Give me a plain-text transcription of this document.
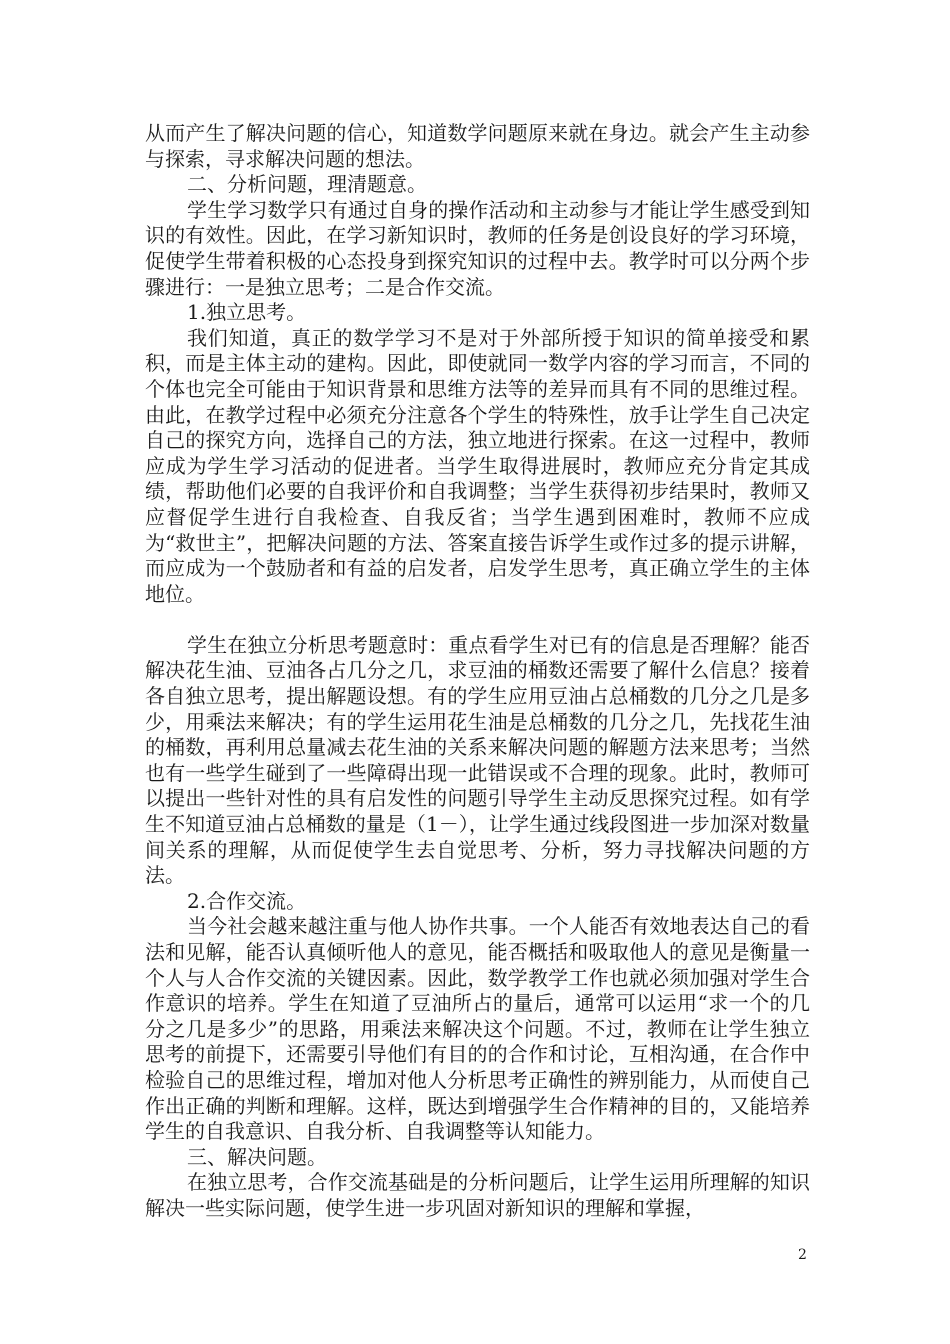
从而产生了解决问题的信心，知道数学问题原来就在身边。就会产生主动参与探索，寻求解决问题的想法。

二、分析问题，理清题意。

学生学习数学只有通过自身的操作活动和主动参与才能让学生感受到知识的有效性。因此，在学习新知识时，教师的任务是创设良好的学习环境，促使学生带着积极的心态投身到探究知识的过程中去。教学时可以分两个步骤进行：一是独立思考；二是合作交流。

1.独立思考。

我们知道，真正的数学学习不是对于外部所授于知识的简单接受和累积，而是主体主动的建构。因此，即使就同一数学内容的学习而言，不同的个体也完全可能由于知识背景和思维方法等的差异而具有不同的思维过程。由此，在教学过程中必须充分注意各个学生的特殊性，放手让学生自己决定自己的探究方向，选择自己的方法，独立地进行探索。在这一过程中，教师应成为学生学习活动的促进者。当学生取得进展时，教师应充分肯定其成绩，帮助他们必要的自我评价和自我调整；当学生获得初步结果时，教师又应督促学生进行自我检查、自我反省；当学生遇到困难时，教师不应成为“救世主”，把解决问题的方法、答案直接告诉学生或作过多的提示讲解，而应成为一个鼓励者和有益的启发者，启发学生思考，真正确立学生的主体地位。

学生在独立分析思考题意时：重点看学生对已有的信息是否理解？能否解决花生油、豆油各占几分之几，求豆油的桶数还需要了解什么信息？接着各自独立思考，提出解题设想。有的学生应用豆油占总桶数的几分之几是多少，用乘法来解决；有的学生运用花生油是总桶数的几分之几，先找花生油的桶数，再利用总量减去花生油的关系来解决问题的解题方法来思考；当然也有一些学生碰到了一些障碍出现一此错误或不合理的现象。此时，教师可以提出一些针对性的具有启发性的问题引导学生主动反思探究过程。如有学生不知道豆油占总桶数的量是（1－），让学生通过线段图进一步加深对数量间关系的理解，从而促使学生去自觉思考、分析，努力寻找解决问题的方法。

2.合作交流。

当今社会越来越注重与他人协作共事。一个人能否有效地表达自己的看法和见解，能否认真倾听他人的意见，能否概括和吸取他人的意见是衡量一个人与人合作交流的关键因素。因此，数学教学工作也就必须加强对学生合作意识的培养。学生在知道了豆油所占的量后，通常可以运用“求一个的几分之几是多少”的思路，用乘法来解决这个问题。不过，教师在让学生独立思考的前提下，还需要引导他们有目的的合作和讨论，互相沟通，在合作中检验自己的思维过程，增加对他人分析思考正确性的辨别能力，从而使自己作出正确的判断和理解。这样，既达到增强学生合作精神的目的，又能培养学生的自我意识、自我分析、自我调整等认知能力。

三、解决问题。

在独立思考，合作交流基础是的分析问题后，让学生运用所理解的知识解决一些实际问题，使学生进一步巩固对新知识的理解和掌握，

2
